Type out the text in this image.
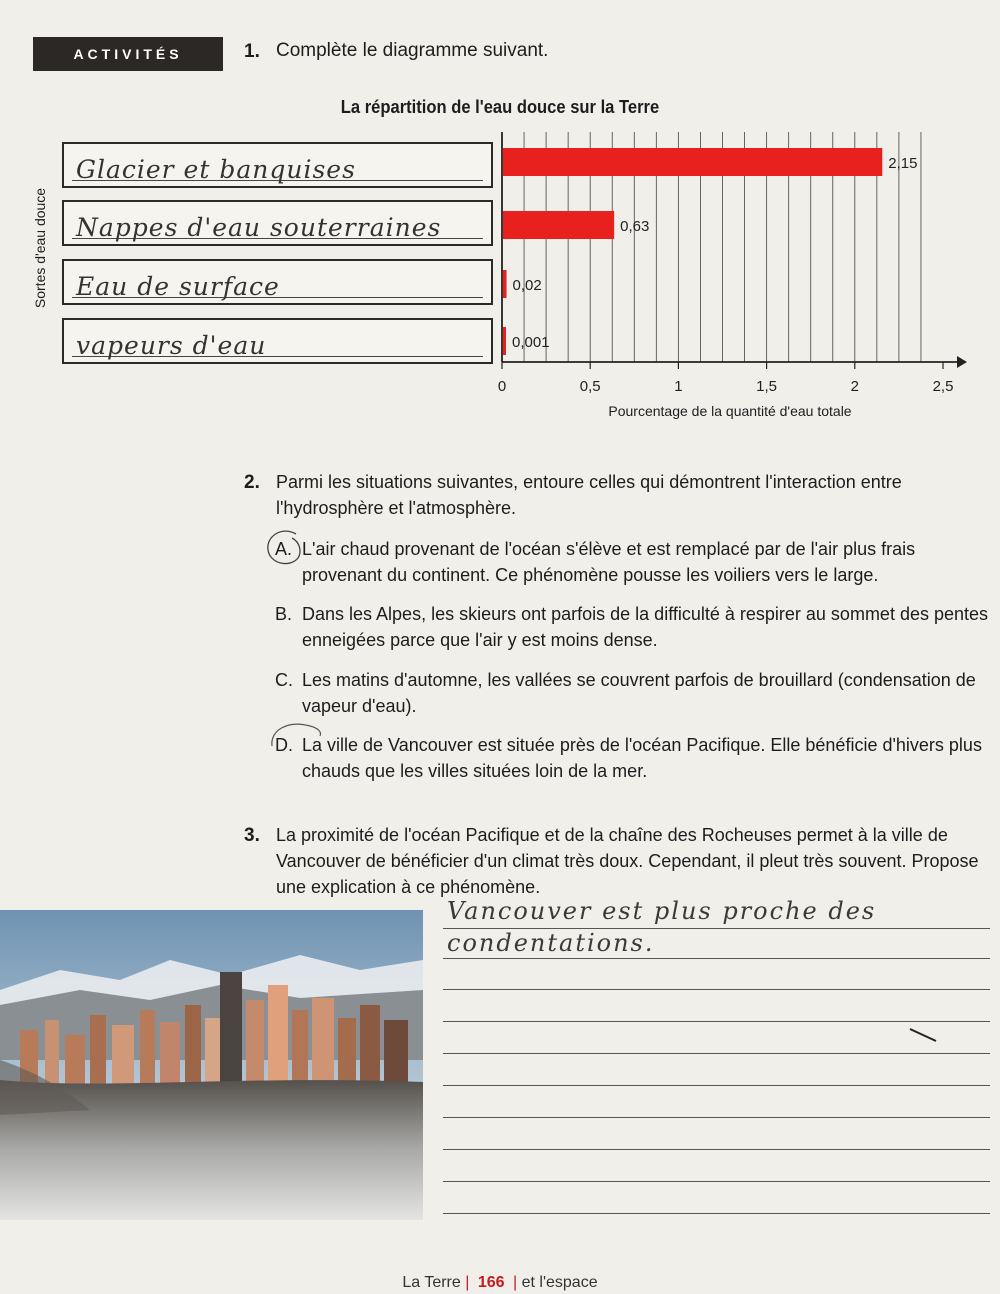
ACTIVITÉS	1. Complète le diagramme suivant.
La répartition de l'eau douce sur la Terre
Sortes d'eau douce
Glacier et banquises
Nappes d'eau souterraines
Eau de surface
vapeurs d'eau
0	0,5	1	1,5	2	2,5
2,15
0,63
0,02
0,001
Pourcentage de la quantité d'eau totale
2. Parmi les situations suivantes, entoure celles qui démontrent l'interaction entre l'hydrosphère et l'atmosphère.
A. L'air chaud provenant de l'océan s'élève et est remplacé par de l'air plus frais provenant du continent. Ce phénomène pousse les voiliers vers le large.
B. Dans les Alpes, les skieurs ont parfois de la difficulté à respirer au sommet des pentes enneigées parce que l'air y est moins dense.
C. Les matins d'automne, les vallées se couvrent parfois de brouillard (condensation de vapeur d'eau).
D. La ville de Vancouver est située près de l'océan Pacifique. Elle bénéficie d'hivers plus chauds que les villes situées loin de la mer.
3. La proximité de l'océan Pacifique et de la chaîne des Rocheuses permet à la ville de Vancouver de bénéficier d'un climat très doux. Cependant, il pleut très souvent. Propose une explication à ce phénomène.
Vancouver est plus proche des
condentations.
La Terre | 166 | et l'espace
